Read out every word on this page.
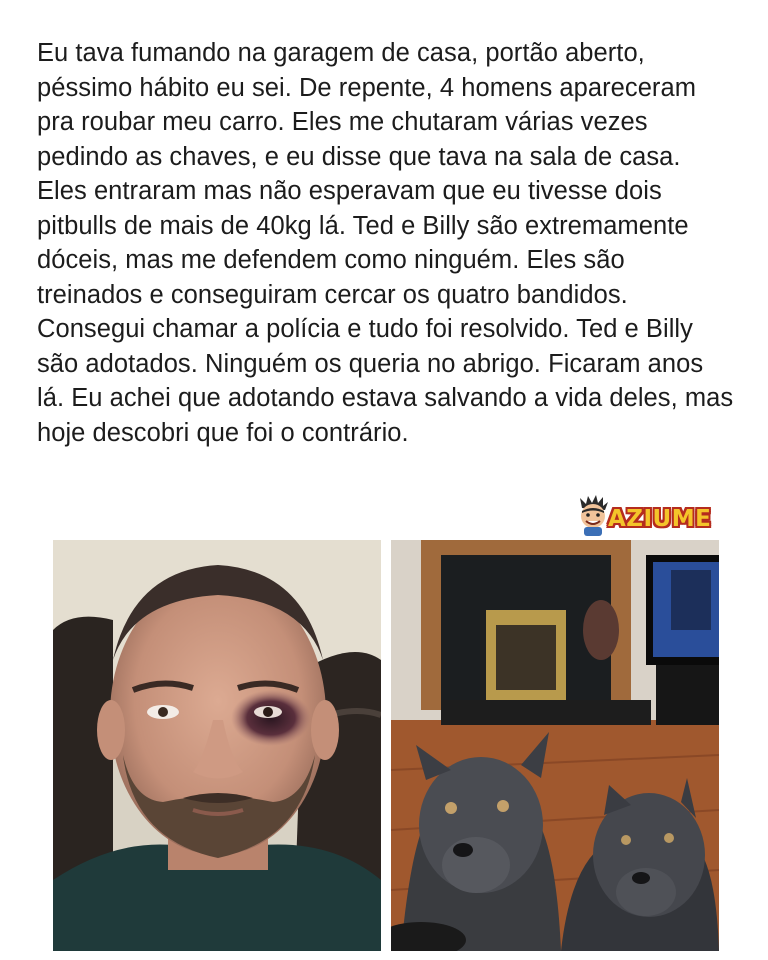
Eu tava fumando na garagem de casa, portão aberto, péssimo hábito eu sei. De repente, 4 homens apareceram pra roubar meu carro. Eles me chutaram várias vezes pedindo as chaves, e eu disse que tava na sala de casa. Eles entraram mas não esperavam que eu tivesse dois pitbulls de mais de 40kg lá. Ted e Billy são extremamente dóceis, mas me defendem como ninguém. Eles são treinados e conseguiram cercar os quatro bandidos. Consegui chamar a polícia e tudo foi resolvido. Ted e Billy são adotados. Ninguém os queria no abrigo. Ficaram anos lá. Eu achei que adotando estava salvando a vida deles, mas hoje descobri que foi o contrário.

AZIUME
